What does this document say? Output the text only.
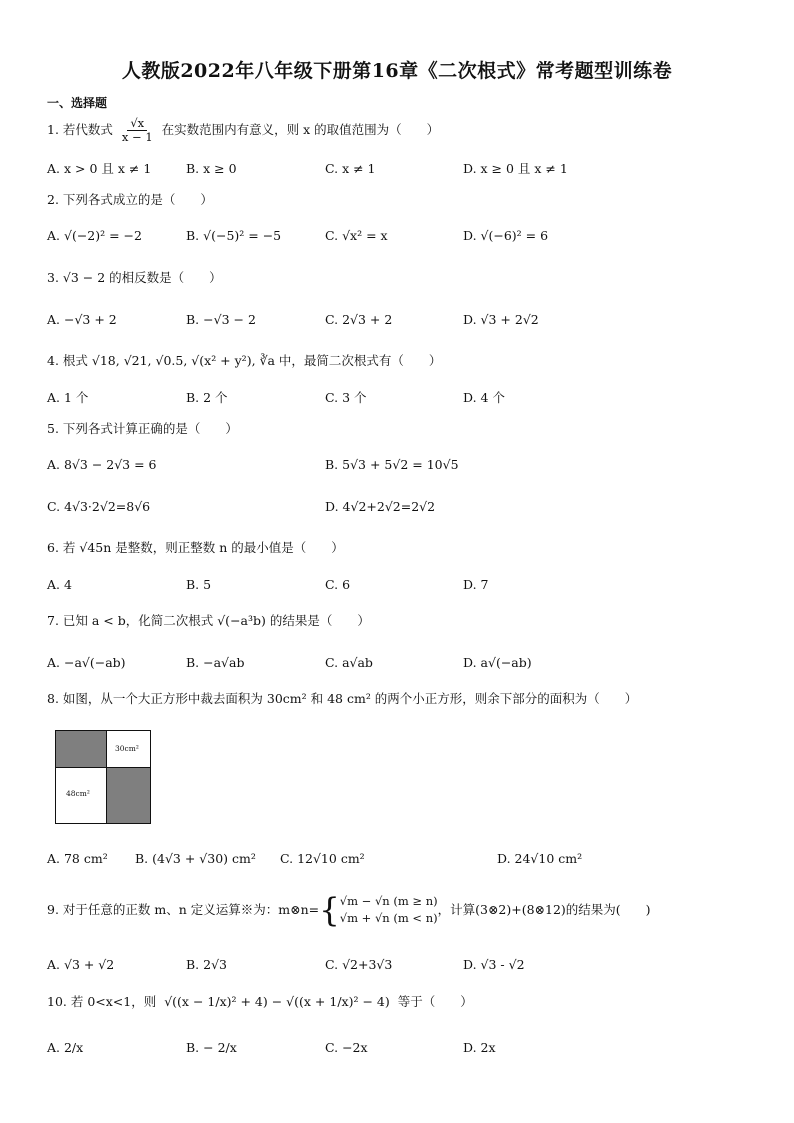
人教版2022年八年级下册第16章《二次根式》常考题型训练卷
一、选择题
1. 若代数式 $\frac{√x}{x - 1}$ 在实数范围内有意义，则 x 的取值范围为（　　）
A. x > 0 且 x ≠ 1	B. x ≥ 0	C. x ≠ 1	D. x ≥ 0 且 x ≠ 1
2. 下列各式成立的是（　　）
A. √(−2)² = −2	B. √(−5)² = −5	C. √x² = x	D. √(−6)² = 6
3. √3 − 2 的相反数是（　　）
A. −√3 + 2	B. −√3 − 2	C. 2√3 + 2	D. √3 + 2√2
4. 根式 √18, √21, √0.5, √(x² + y²), ∛a 中，最简二次根式有（　　）
A. 1 个	B. 2 个	C. 3 个	D. 4 个
5. 下列各式计算正确的是（　　）
A. 8√3 − 2√3 = 6	B. 5√3 + 5√2 = 10√5
C. 4√3·2√2=8√6	D. 4√2+2√2=2√2
6. 若 √45n 是整数，则正整数 n 的最小值是（　　）
A. 4	B. 5	C. 6	D. 7
7. 已知 a < b，化简二次根式 √(−a³b) 的结果是（　　）
A. −a√(−ab)	B. −a√ab	C. a√ab	D. a√(−ab)
8. 如图，从一个大正方形中裁去面积为 30cm² 和 48 cm² 的两个小正方形，则余下部分的面积为（　　）
30cm²
48cm²
A. 78 cm² B. (4√3 + √30) cm² C. 12√10 cm²	D. 24√10 cm²
9. 对于任意的正数 m、n 定义运算※为：m⊗n={ √m − √n (m ≥ n)
√m + √n (m < n)
，计算(3⊗2)+(8⊗12)的结果为(　　)
A. √3 + √2	B. 2√3	C. √2+3√3	D. √3 - √2
10. 若 0<x<1，则 √((x − 1/x)² + 4) − √((x + 1/x)² − 4) 等于（　　）
A. 2/x	B. − 2/x	C. −2x	D. 2x
